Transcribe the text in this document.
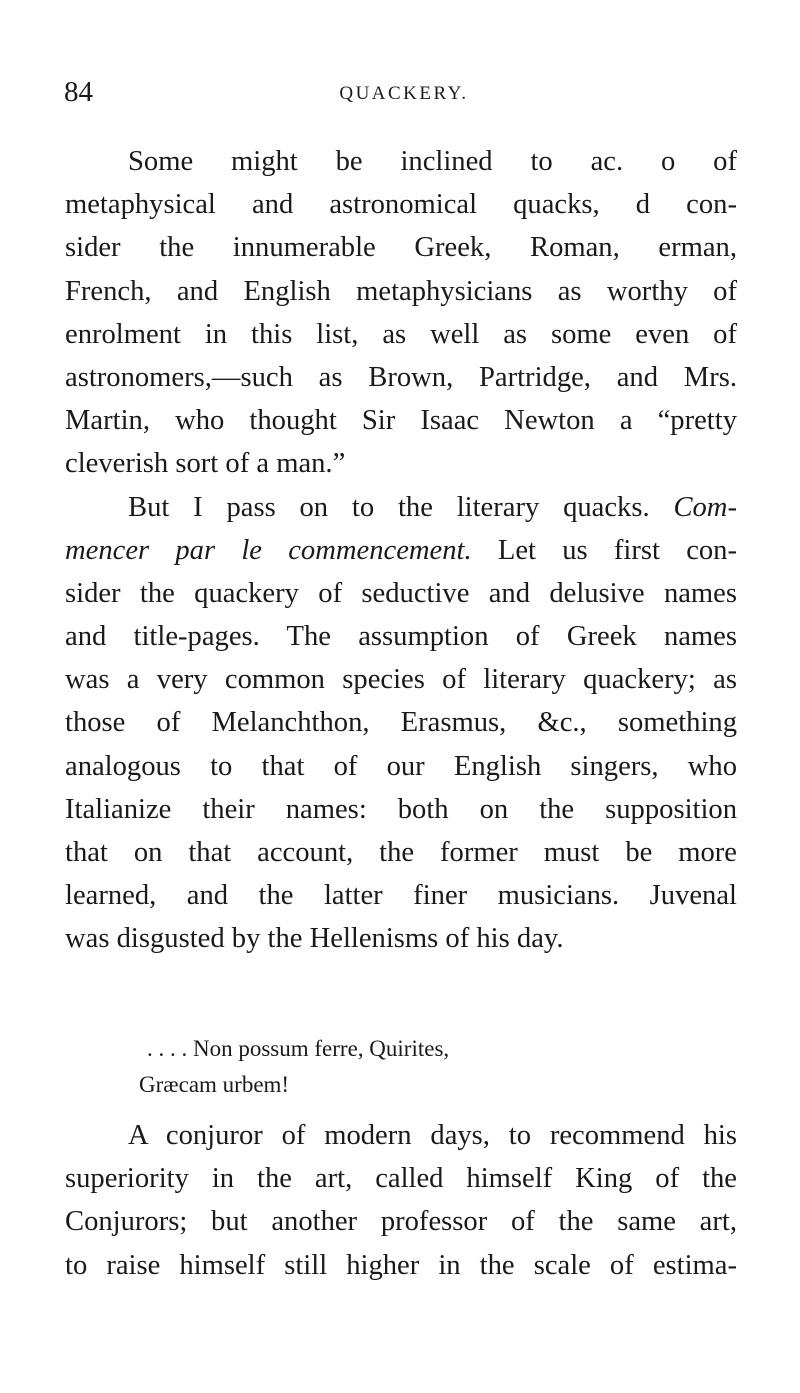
84	QUACKERY.
Some might be inclined to ac. o of
metaphysical and astronomical quacks, d con-
sider the innumerable Greek, Roman, erman,
French, and English metaphysicians as worthy of
enrolment in this list, as well as some even of
astronomers,—such as Brown, Partridge, and Mrs.
Martin, who thought Sir Isaac Newton a “pretty
cleverish sort of a man.”
But I pass on to the literary quacks. Com-
mencer par le commencement. Let us first con-
sider the quackery of seductive and delusive names
and title-pages. The assumption of Greek names
was a very common species of literary quackery; as
those of Melanchthon, Erasmus, &c., something
analogous to that of our English singers, who
Italianize their names: both on the supposition
that on that account, the former must be more
learned, and the latter finer musicians. Juvenal
was disgusted by the Hellenisms of his day.
. . . . Non possum ferre, Quirites,
Græcam urbem!
A conjuror of modern days, to recommend his
superiority in the art, called himself King of the
Conjurors; but another professor of the same art,
to raise himself still higher in the scale of estima-
